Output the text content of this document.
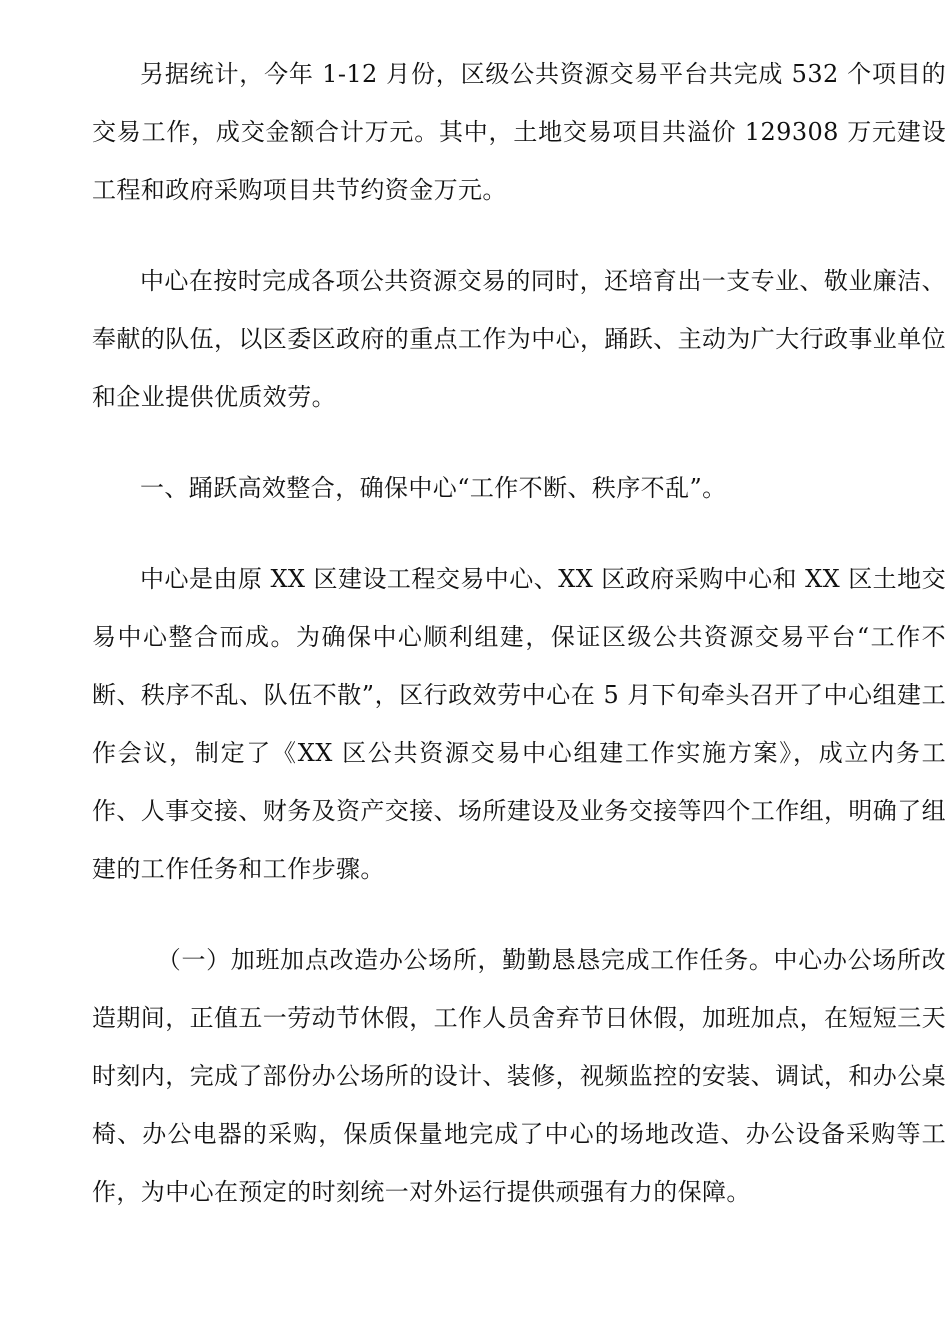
另据统计，今年 1-12 月份，区级公共资源交易平台共完成 532 个项目的交易工作，成交金额合计万元。其中，土地交易项目共溢价 129308 万元建设工程和政府采购项目共节约资金万元。

中心在按时完成各项公共资源交易的同时，还培育出一支专业、敬业廉洁、奉献的队伍，以区委区政府的重点工作为中心，踊跃、主动为广大行政事业单位和企业提供优质效劳。

一、踊跃高效整合，确保中心“工作不断、秩序不乱”。

中心是由原 XX 区建设工程交易中心、XX 区政府采购中心和 XX 区土地交易中心整合而成。为确保中心顺利组建，保证区级公共资源交易平台“工作不断、秩序不乱、队伍不散”，区行政效劳中心在 5 月下旬牵头召开了中心组建工作会议，制定了《XX 区公共资源交易中心组建工作实施方案》，成立内务工作、人事交接、财务及资产交接、场所建设及业务交接等四个工作组，明确了组建的工作任务和工作步骤。

（一）加班加点改造办公场所，勤勤恳恳完成工作任务。中心办公场所改造期间，正值五一劳动节休假，工作人员舍弃节日休假，加班加点，在短短三天时刻内，完成了部份办公场所的设计、装修，视频监控的安装、调试，和办公桌椅、办公电器的采购，保质保量地完成了中心的场地改造、办公设备采购等工作，为中心在预定的时刻统一对外运行提供顽强有力的保障。
